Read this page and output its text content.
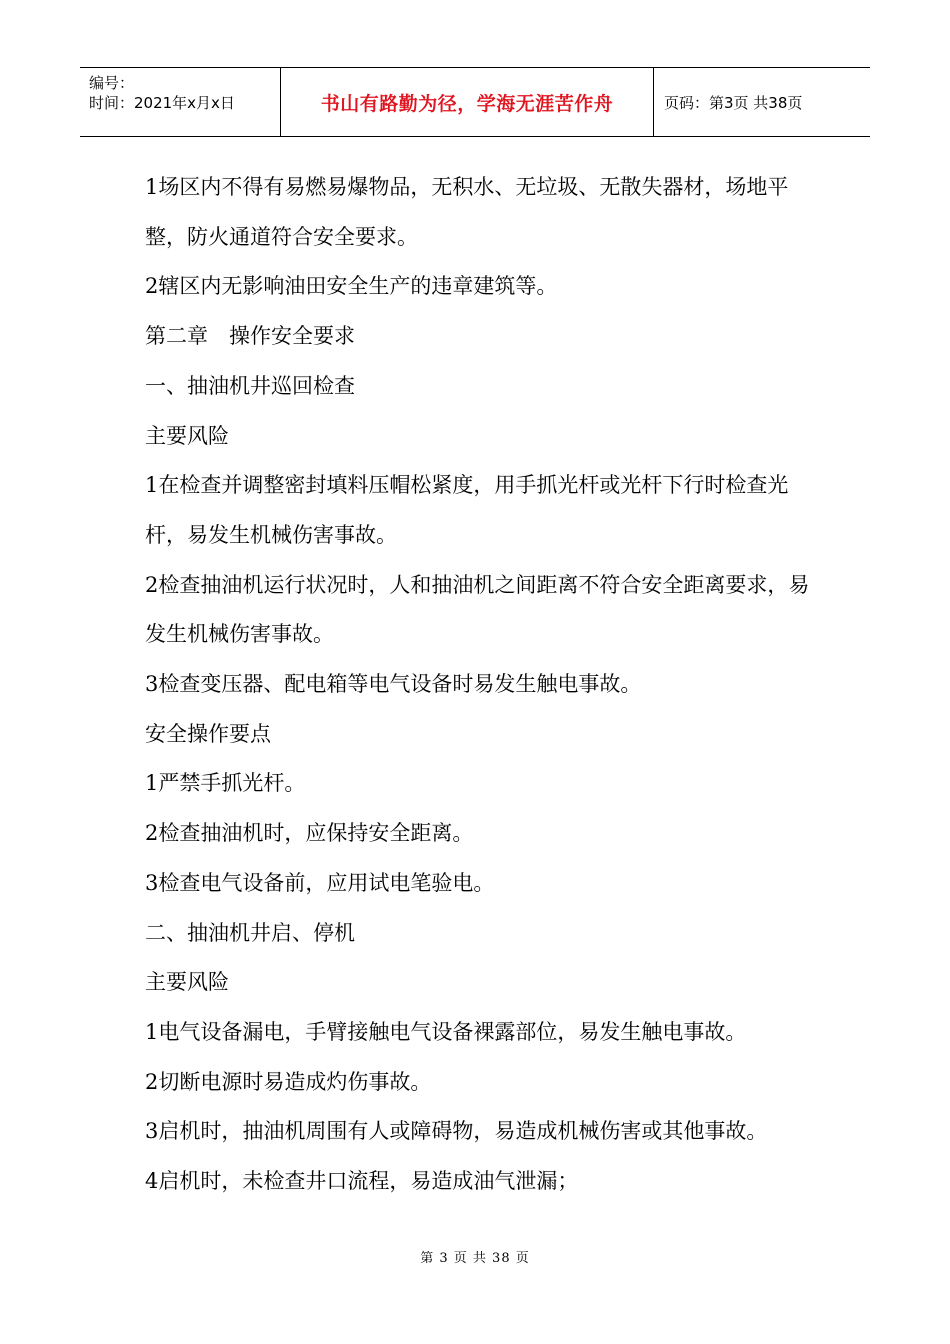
编号：
时间：2021年x月x日	书山有路勤为径，学海无涯苦作舟	页码：第3页 共38页

1场区内不得有易燃易爆物品，无积水、无垃圾、无散失器材，场地平整，防火通道符合安全要求。

2辖区内无影响油田安全生产的违章建筑等。

第二章　操作安全要求

一、抽油机井巡回检查

主要风险

1在检查并调整密封填料压帽松紧度，用手抓光杆或光杆下行时检查光杆，易发生机械伤害事故。

2检查抽油机运行状况时，人和抽油机之间距离不符合安全距离要求，易发生机械伤害事故。

3检查变压器、配电箱等电气设备时易发生触电事故。

安全操作要点

1严禁手抓光杆。

2检查抽油机时，应保持安全距离。

3检查电气设备前，应用试电笔验电。

二、抽油机井启、停机

主要风险

1电气设备漏电，手臂接触电气设备裸露部位，易发生触电事故。

2切断电源时易造成灼伤事故。

3启机时，抽油机周围有人或障碍物，易造成机械伤害或其他事故。

4启机时，未检查井口流程，易造成油气泄漏；

第 3 页 共 38 页
